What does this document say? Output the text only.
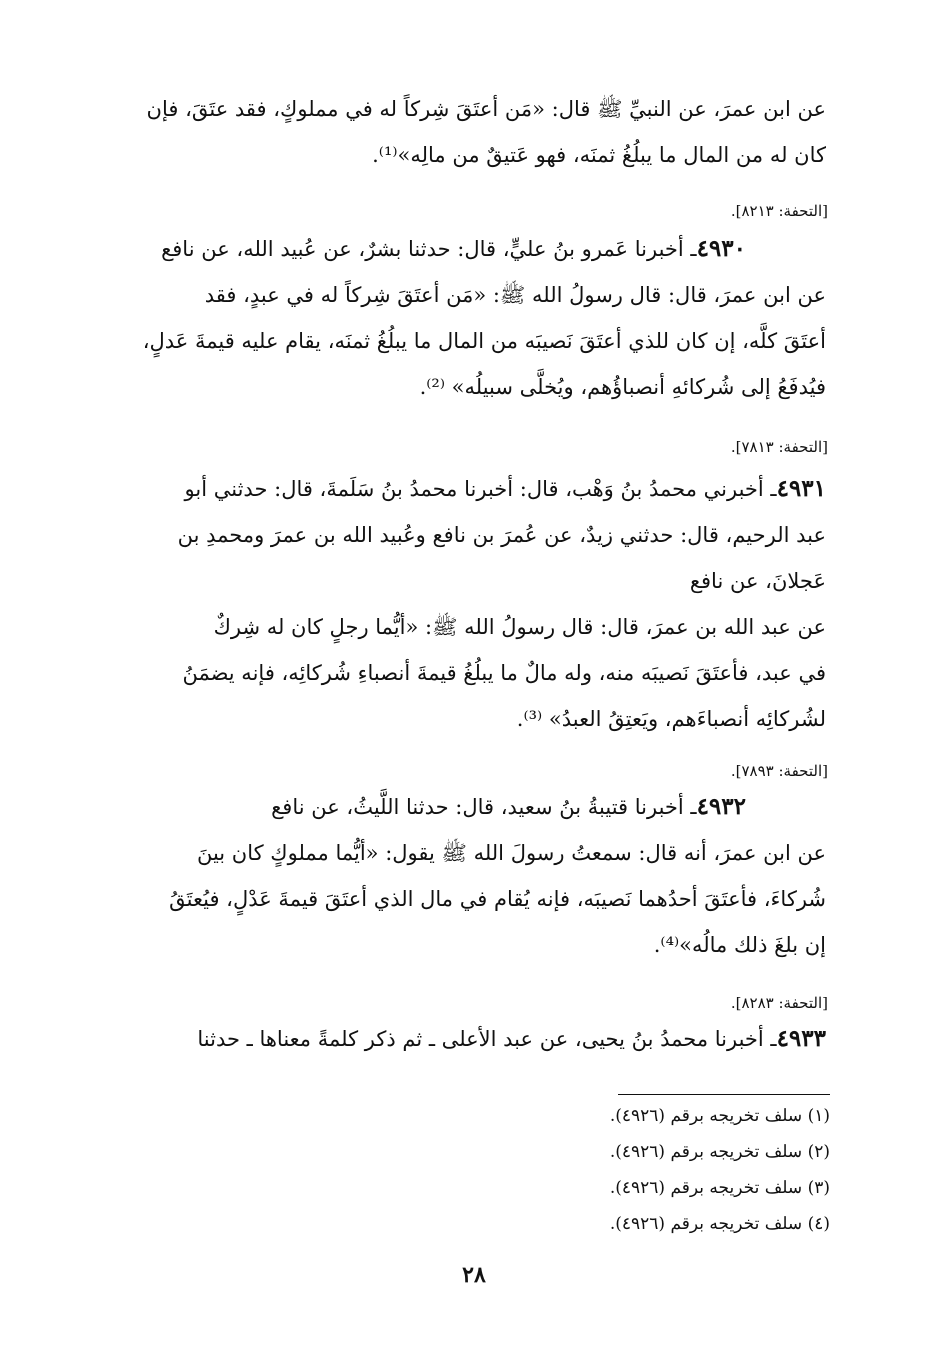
عن ابن عمرَ، عن النبيِّ ﷺ قال: «مَن أعتَقَ شِركاً له في مملوكٍ، فقد عتَقَ، فإن
كان له من المال ما يبلُغُ ثمنَه، فهو عَتيقٌ من مالِه»⁽¹⁾.
[التحفة: ٨٢١٣].
٤٩٣٠ـ أخبرنا عَمرو بنُ عليٍّ، قال: حدثنا بشرٌ، عن عُبيد الله، عن نافع
عن ابن عمرَ، قال: قال رسولُ الله ﷺ: «مَن أعتَقَ شِركاً له في عبدٍ، فقد
أعتَقَ كلَّه، إن كان للذي أعتَقَ نَصيبَه من المال ما يبلُغُ ثمنَه، يقام عليه قيمةَ عَدلٍ،
فيُدفَعُ إلى شُركائهِ أنصباؤُهم، ويُخلَّى سبيلُه» ⁽²⁾.
[التحفة: ٧٨١٣].
٤٩٣١ـ أخبرني محمدُ بنُ وَهْب، قال: أخبرنا محمدُ بنُ سَلَمةَ، قال: حدثني أبو
عبد الرحيم، قال: حدثني زيدٌ، عن عُمرَ بن نافع وعُبيد الله بن عمرَ ومحمدِ بن
عَجلانَ، عن نافع
عن عبد الله بن عمرَ، قال: قال رسولُ الله ﷺ: «أيُّما رجلٍ كان له شِركٌ
في عبد، فأعتَقَ نَصيبَه منه، وله مالٌ ما يبلُغُ قيمةَ أنصباءِ شُركائِه، فإنه يضمَنُ
لشُركائِه أنصباءَهم، ويَعتِقُ العبدُ» ⁽³⁾.
[التحفة: ٧٨٩٣].
٤٩٣٢ـ أخبرنا قتيبةُ بنُ سعيد، قال: حدثنا اللَّيثُ، عن نافع
عن ابن عمرَ، أنه قال: سمعتُ رسولَ الله ﷺ يقول: «أيُّما مملوكٍ كان بينَ
شُركاءَ، فأعتَقَ أحدُهما نَصيبَه، فإنه يُقام في مال الذي أعتَقَ قيمةَ عَدْلٍ، فيُعتَقُ
إن بلغَ ذلك مالُه»⁽⁴⁾.
[التحفة: ٨٢٨٣].
٤٩٣٣ـ أخبرنا محمدُ بنُ يحيى، عن عبد الأعلى ـ ثم ذكر كلمةً معناها ـ حدثنا
(١) سلف تخريجه برقم (٤٩٢٦).
(٢) سلف تخريجه برقم (٤٩٢٦).
(٣) سلف تخريجه برقم (٤٩٢٦).
(٤) سلف تخريجه برقم (٤٩٢٦).
٢٨
